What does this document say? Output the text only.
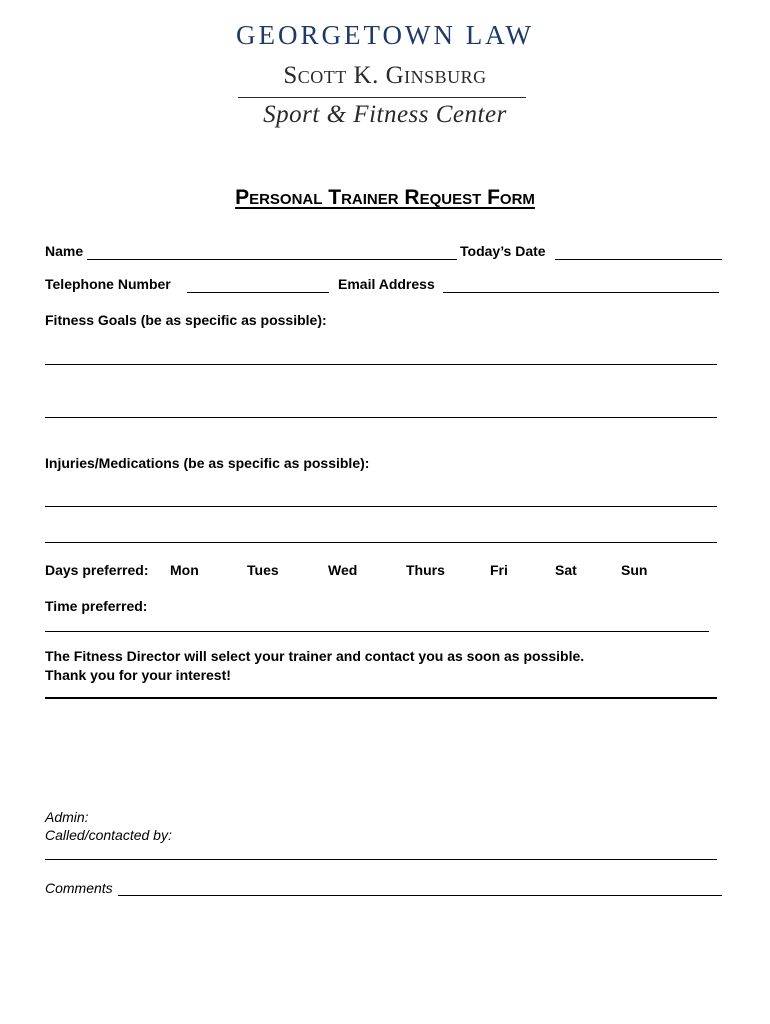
GEORGETOWN LAW
Scott K. Ginsburg
Sport & Fitness Center
Personal Trainer Request Form
Name	Today’s Date
Telephone Number	Email Address
Fitness Goals (be as specific as possible):
Injuries/Medications (be as specific as possible):
Days preferred: Mon	Tues	Wed	Thurs	Fri	Sat	Sun
Time preferred:
The Fitness Director will select your trainer and contact you as soon as possible.
Thank you for your interest!
Admin:
Called/contacted by:
Comments
